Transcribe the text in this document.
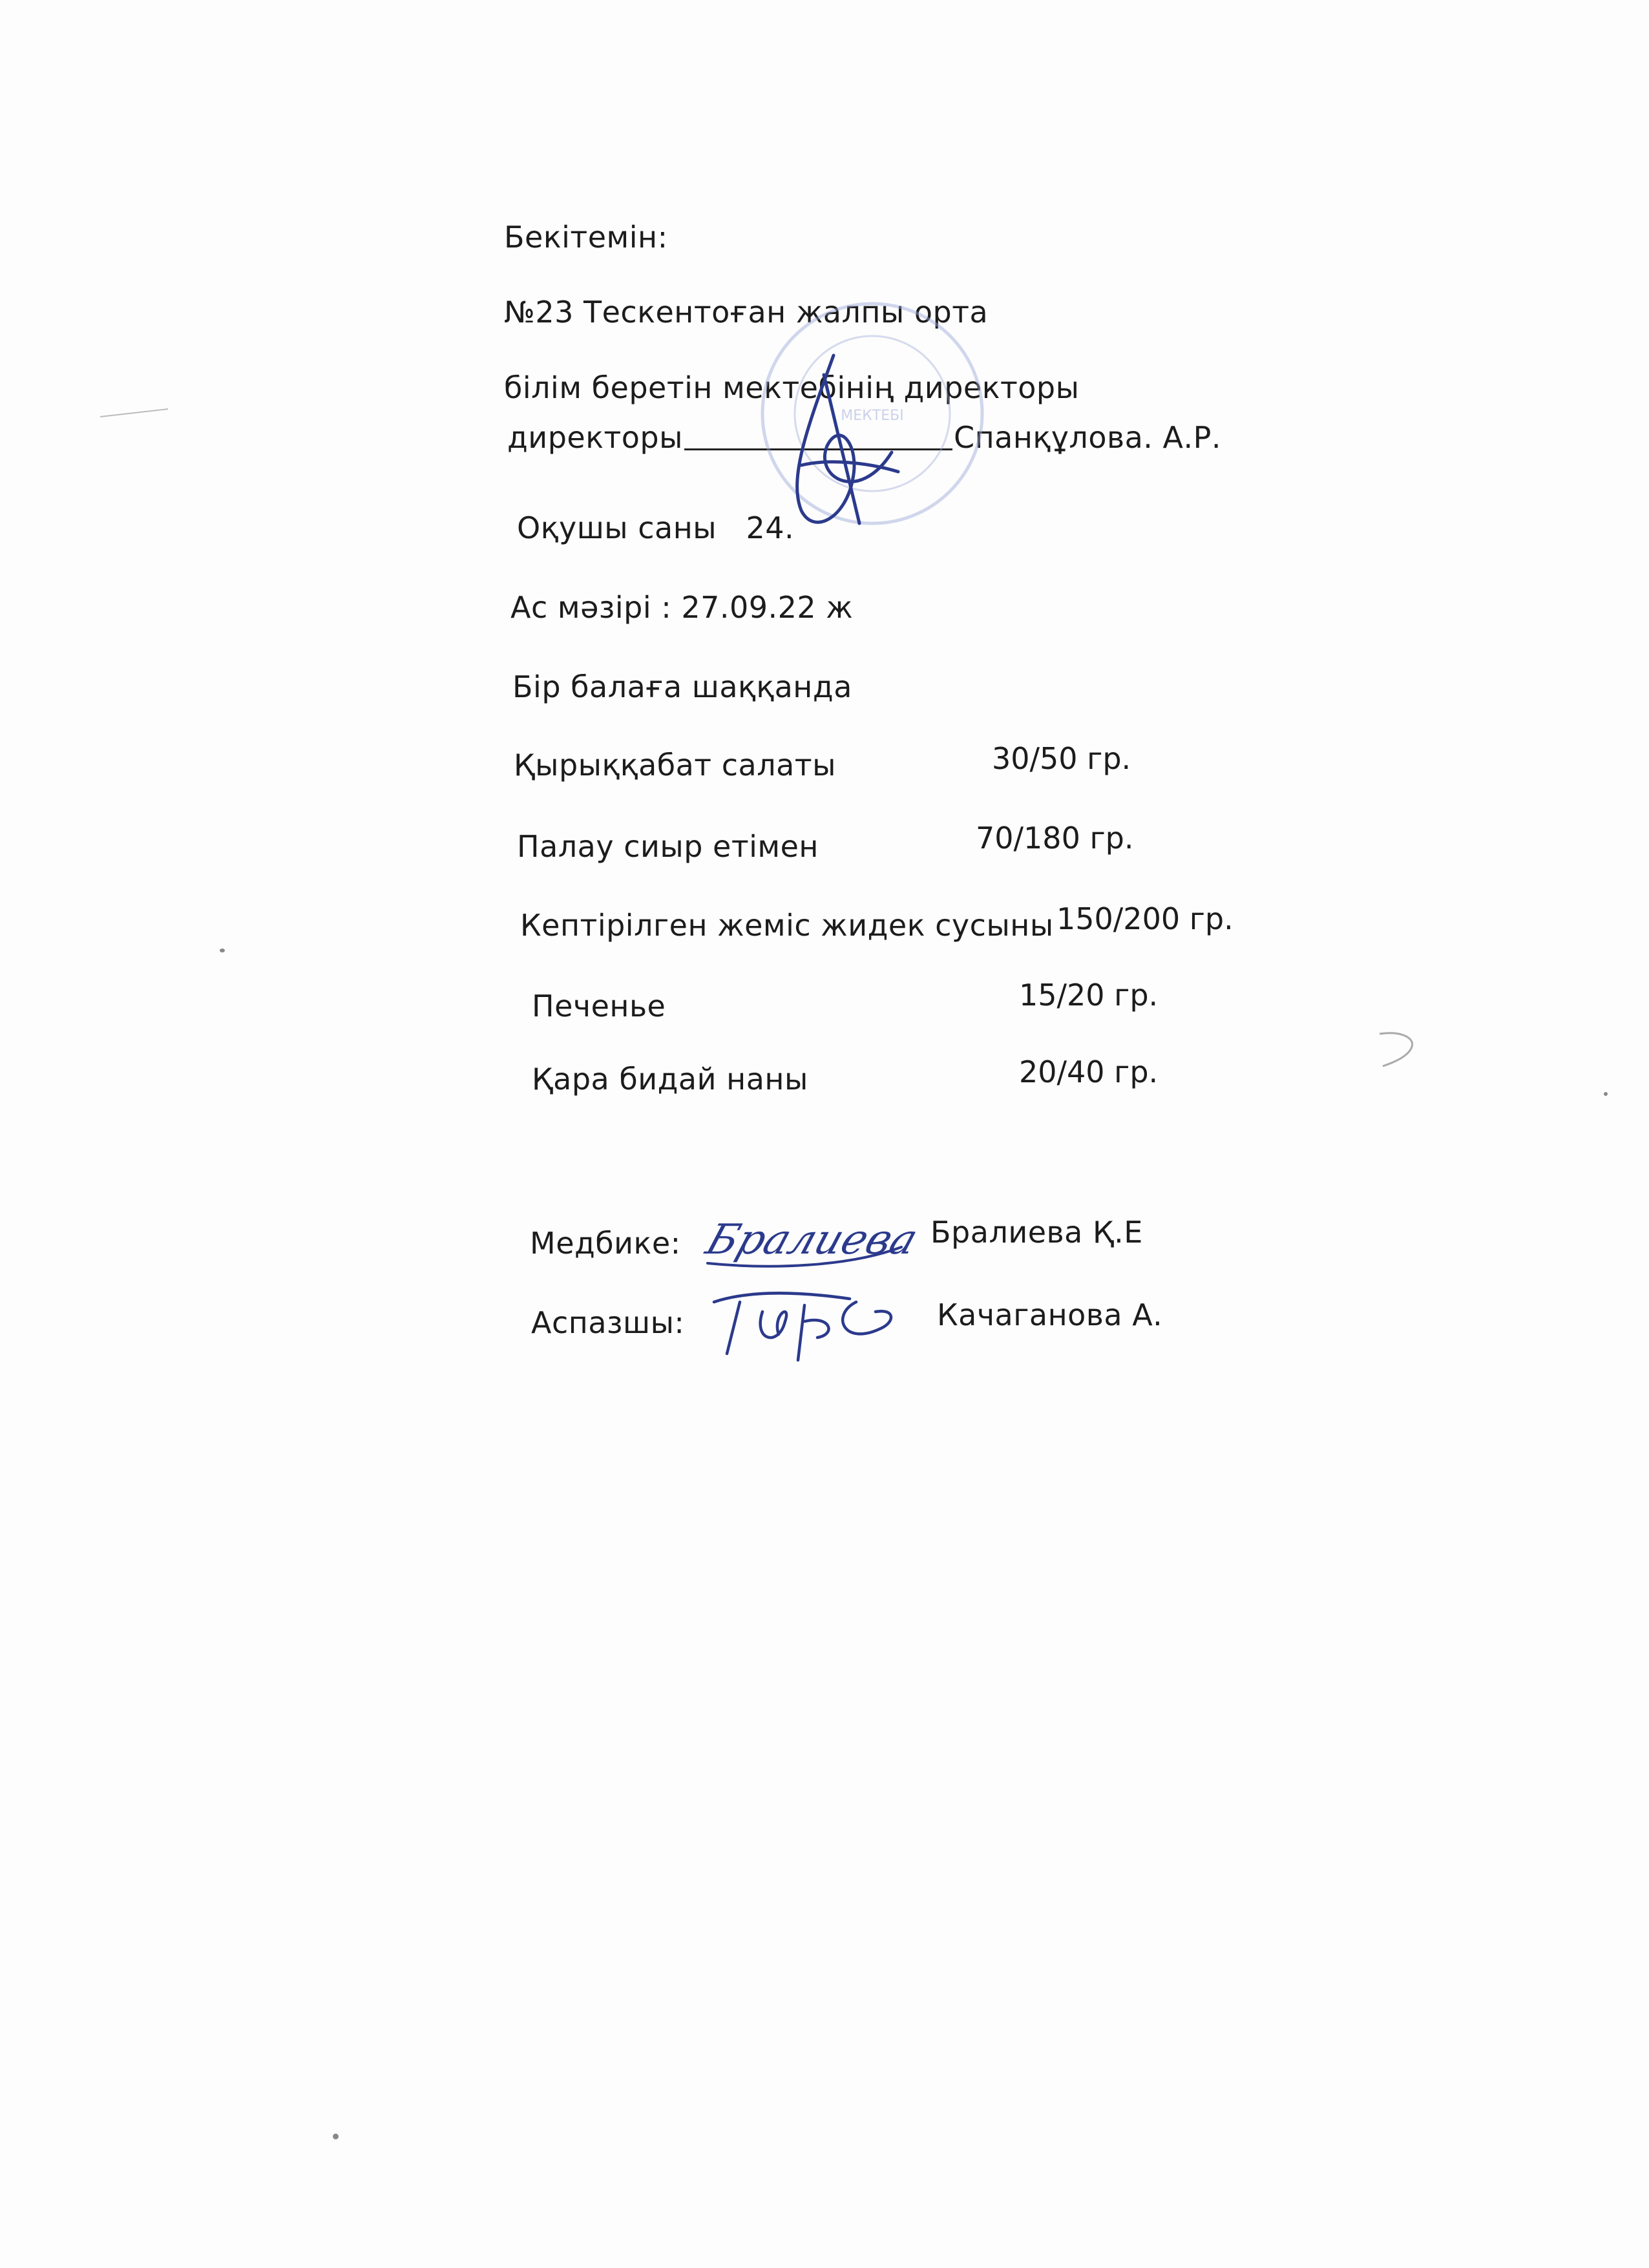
Бекітемін:
№23 Тескентоған жалпы орта
білім беретін мектебінің директоры
директоры	Спанқұлова. А.Р.
МЕКТЕБІ
Оқушы саны 24.
Ас мәзірі : 27.09.22 ж
Бір балаға шаққанда
Қырыққабат салаты	30/50 гр.
Палау сиыр етімен	70/180 гр.
Кептірілген жеміс жидек сусыны 150/200 гр.
Печенье	15/20 гр.
Қара бидай наны	20/40 гр.
Медбике: Бралиева Бралиева Қ.Е
Аспазшы:	Качаганова А.
